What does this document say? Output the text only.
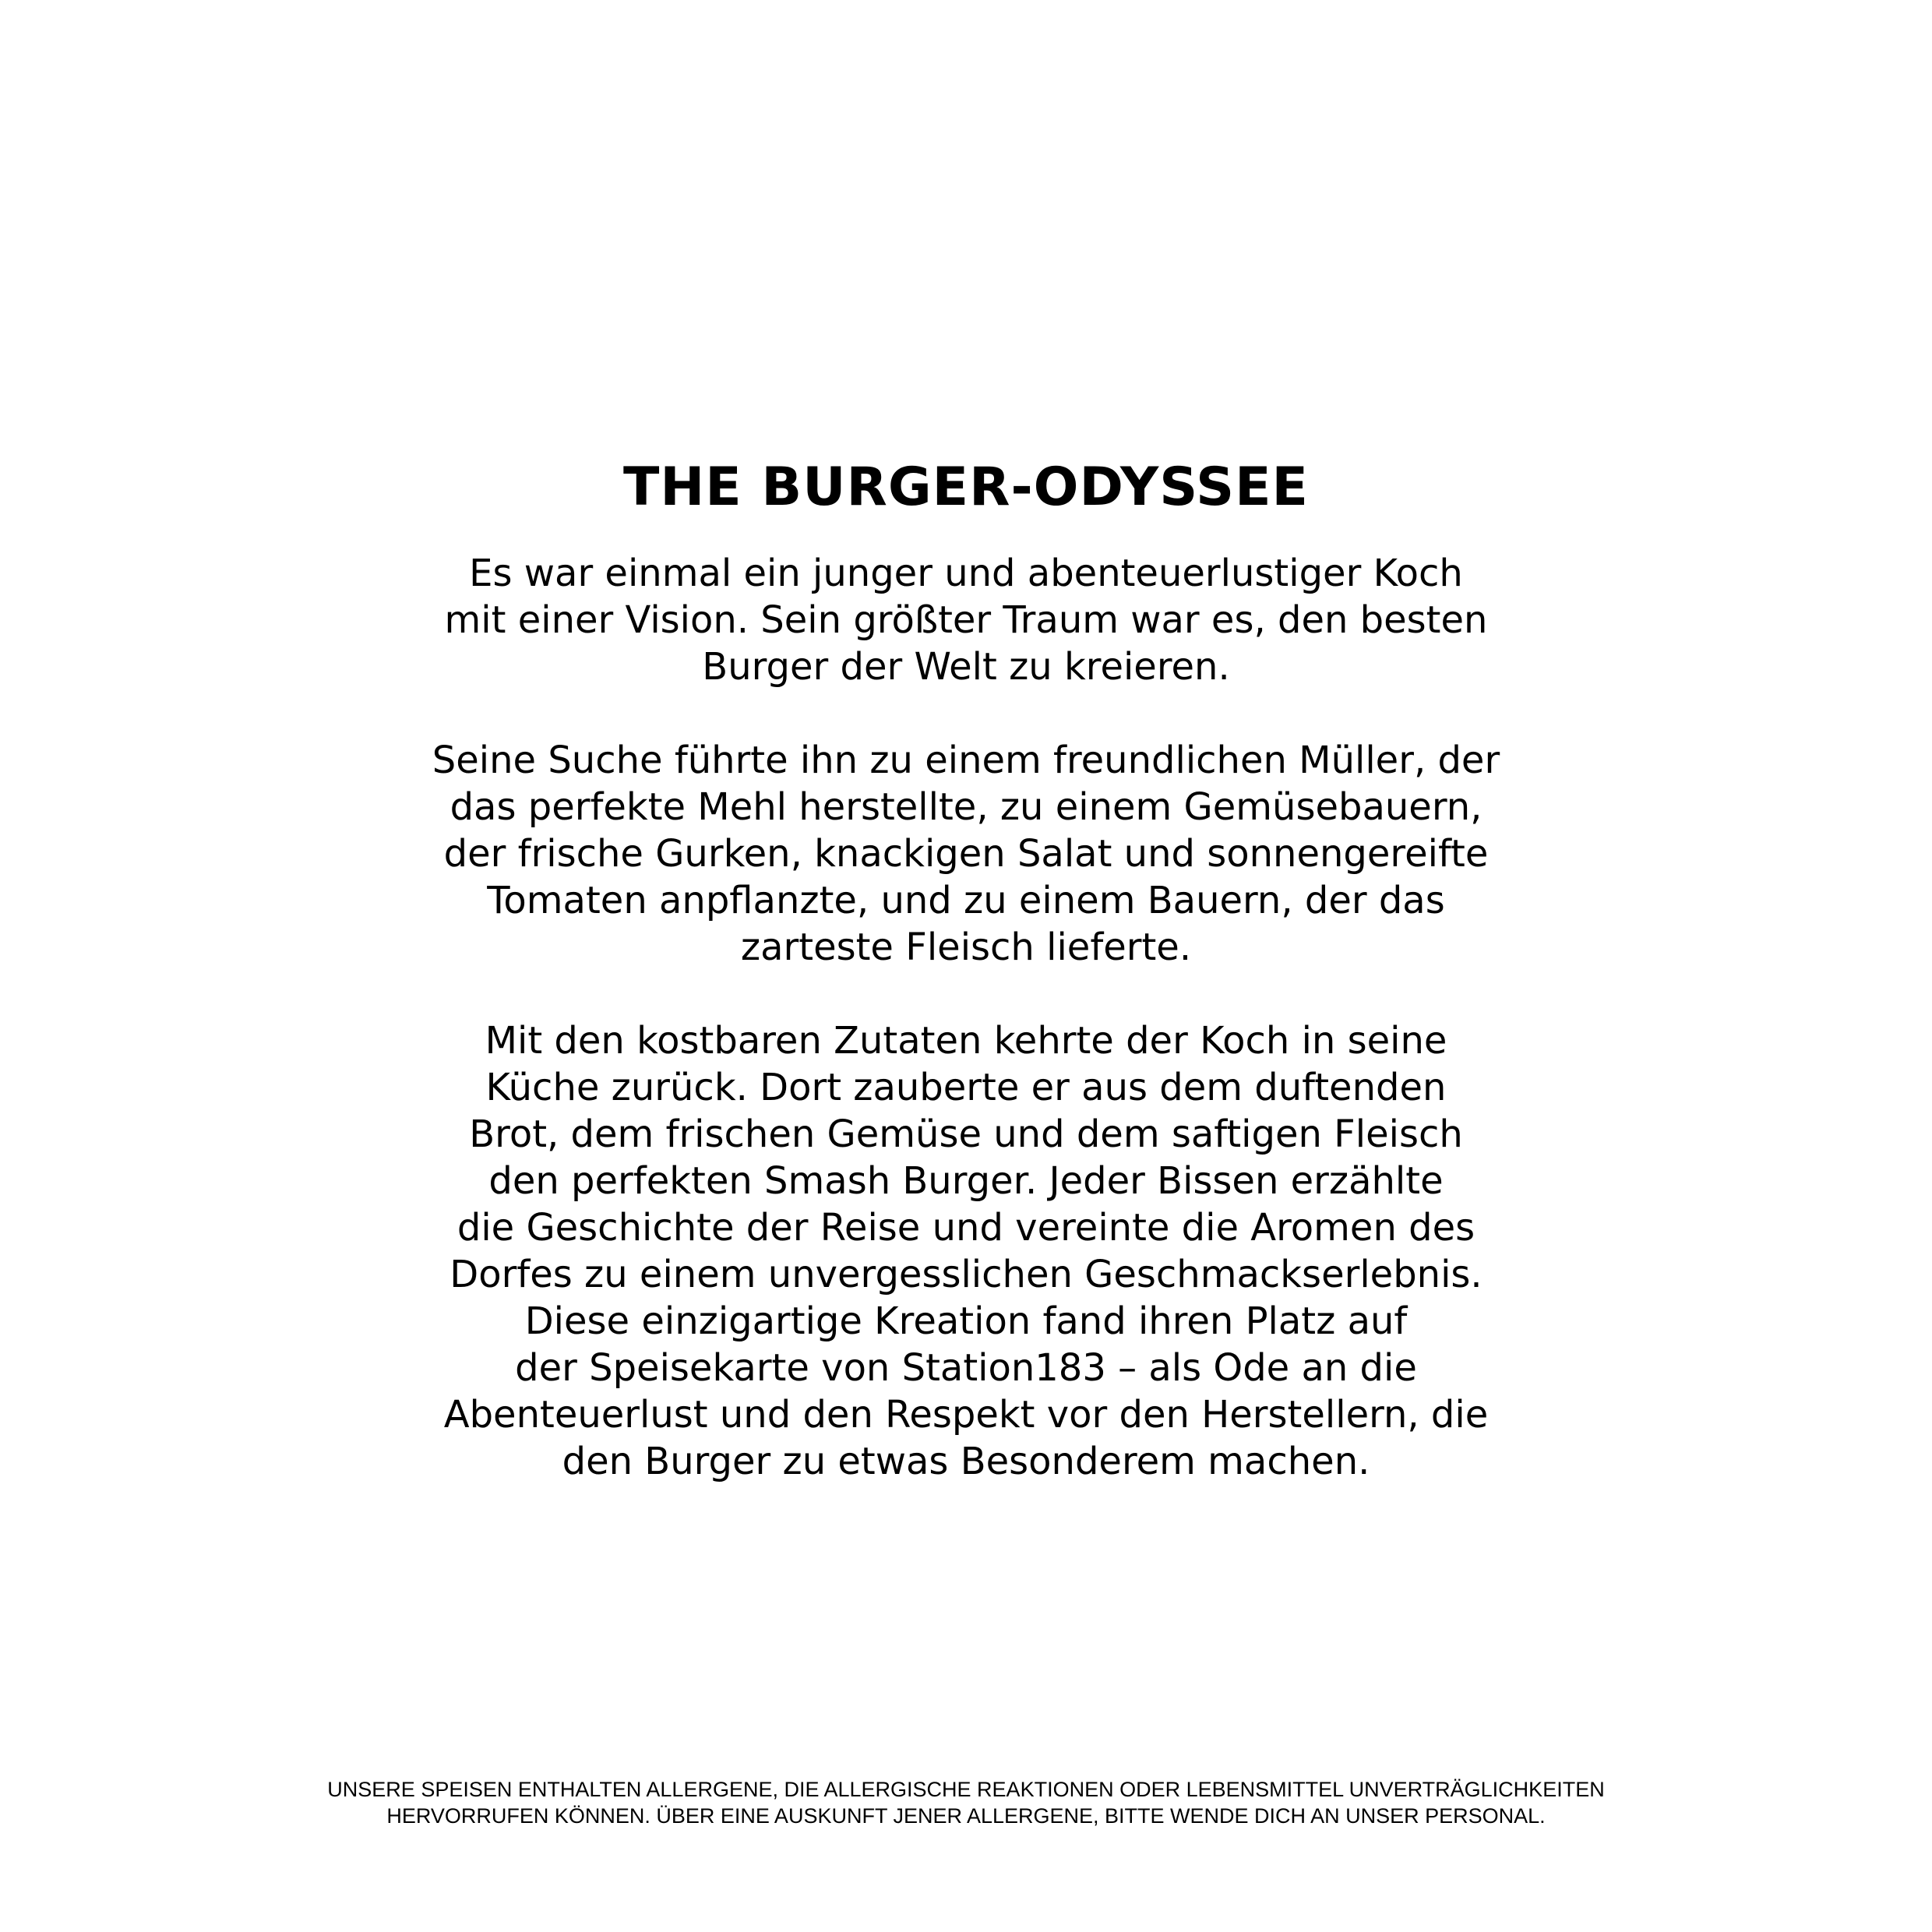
THE BURGER-ODYSSEE

Es war einmal ein junger und abenteuerlustiger Koch
mit einer Vision. Sein größter Traum war es, den besten
Burger der Welt zu kreieren.

Seine Suche führte ihn zu einem freundlichen Müller, der
das perfekte Mehl herstellte, zu einem Gemüsebauern,
der frische Gurken, knackigen Salat und sonnengereifte
Tomaten anpflanzte, und zu einem Bauern, der das
zarteste Fleisch lieferte.

Mit den kostbaren Zutaten kehrte der Koch in seine
Küche zurück. Dort zauberte er aus dem duftenden
Brot, dem frischen Gemüse und dem saftigen Fleisch
den perfekten Smash Burger. Jeder Bissen erzählte
die Geschichte der Reise und vereinte die Aromen des
Dorfes zu einem unvergesslichen Geschmackserlebnis.
Diese einzigartige Kreation fand ihren Platz auf
der Speisekarte von Station183 – als Ode an die
Abenteuerlust und den Respekt vor den Herstellern, die
den Burger zu etwas Besonderem machen.

UNSERE SPEISEN ENTHALTEN ALLERGENE, DIE ALLERGISCHE REAKTIONEN ODER LEBENSMITTEL UNVERTRÄGLICHKEITEN
HERVORRUFEN KÖNNEN. ÜBER EINE AUSKUNFT JENER ALLERGENE, BITTE WENDE DICH AN UNSER PERSONAL.
